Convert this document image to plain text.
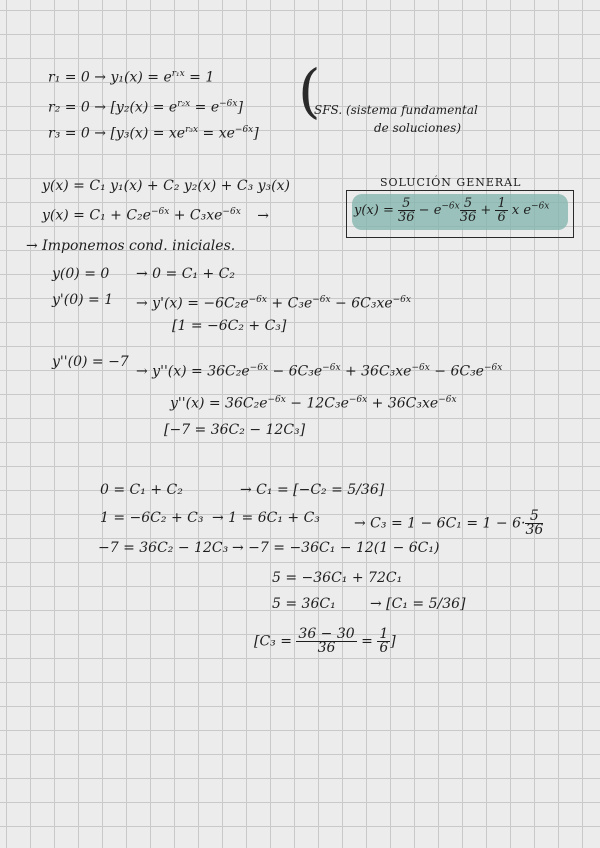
$r_1 = 0 \to y_1(x) = e^{r_1x} = 1$
$r_2 = 0 \to [y_2(x) = e^{r_2x} = e^{-6x}]$
$r_3 = 0 \to [y_3(x) = xe^{r_3x} = xe^{-6x}]$
(
SFS. (sistema fundamental
de soluciones)
SOLUCIÓN GENERAL
y(x) = C₁ y₁(x) + C₂ y₂(x) + C₃ y₃(x)
$y(x) = C_1 + C_2e^{-6x} + C_3xe^{-6x}$ →	$y(x) = \frac{5}{36} - e^{-6x} \frac{5}{36} + \frac{1}{6}$ x $e^{-6x}$
→ Imponemos cond. iniciales.
y(0) = 0 → 0 = C₁ + C₂
$y'(0) = 1 \to y'(x) = -6C_2e^{-6x} + C_3e^{-6x} - 6C_3xe^{-6x}$
[1 = −6C₂ + C₃]
y''(0) = −7
→ $y''(x) = 36C_2e^{-6x} - 6C_3e^{-6x} + 36C_3xe^{-6x} - 6C_3e^{-6x}$
$y''(x) = 36C_2e^{-6x} - 12C_3e^{-6x} + 36C_3xe^{-6x}$
[−7 = 36C₂ − 12C₃]
0 = C₁ + C₂	→ C₁ = [−C₂ = 5/36]
$1 = -6C_2 + C_3 \to 1 = 6C_1 + C_3 \to C_3 = 1 - 6C_1 = 1 - 6\cdot \frac{5}{36}$
−7 = 36C₂ − 12C₃ → −7 = −36C₁ − 12(1 − 6C₁)
5 = −36C₁ + 72C₁
5 = 36C₁ → [C₁ = 5/36]
[$C_3 = \frac{36 - 30}{36} = \frac{1}{6}$ ]
